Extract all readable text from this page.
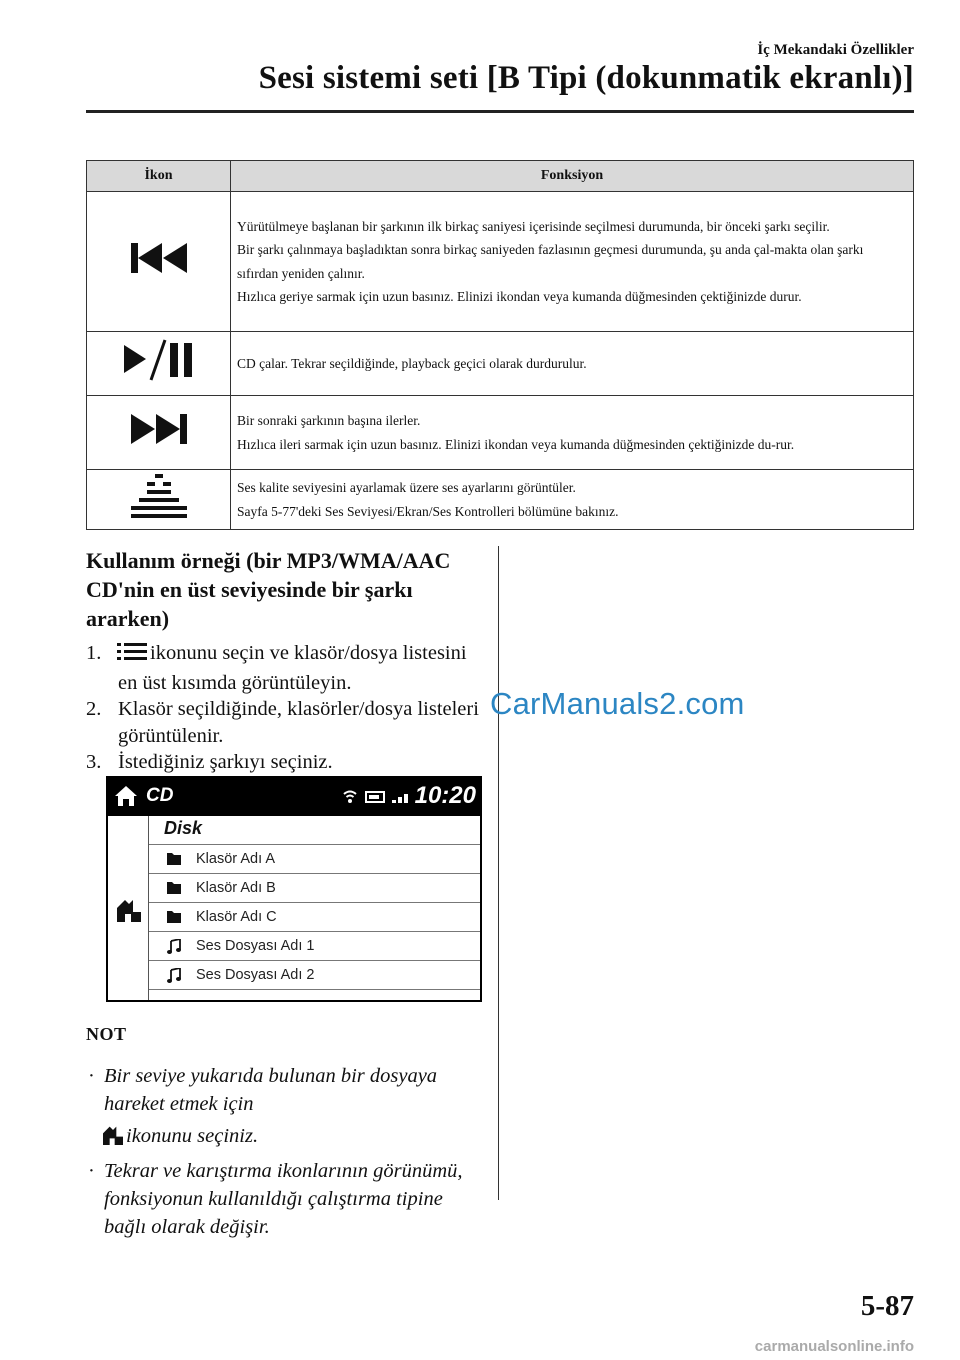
İç Mekandaki Özellikler
Sesi sistemi seti [B Tipi (dokunmatik ekranlı)]
İkon	Fonksiyon

Yürütülmeye başlanan bir şarkının ilk birkaç saniyesi içerisinde seçilmesi durumunda, bir önceki şarkı seçilir.
Bir şarkı çalınmaya başladıktan sonra birkaç saniyeden fazlasının geçmesi durumunda, şu anda çal-makta olan şarkı sıfırdan yeniden çalınır.
Hızlıca geriye sarmak için uzun basınız. Elinizi ikondan veya kumanda düğmesinden çektiğinizde durur.

CD çalar. Tekrar seçildiğinde, playback geçici olarak durdurulur.

Bir sonraki şarkının başına ilerler.
Hızlıca ileri sarmak için uzun basınız. Elinizi ikondan veya kumanda düğmesinden çektiğinizde du-rur.

Ses kalite seviyesini ayarlamak üzere ses ayarlarını görüntüler.
Sayfa 5-77'deki Ses Seviyesi/Ekran/Ses Kontrolleri bölümüne bakınız.
Kullanım örneği (bir MP3/WMA/AAC CD'nin en üst seviyesinde bir şarkı ararken)
1. ikonunu seçin ve klasör/dosya listesini en üst kısımda görüntüleyin.
2. Klasör seçildiğinde, klasörler/dosya listeleri görüntülenir.
3. İstediğiniz şarkıyı seçiniz.
CarManuals2.com
CD	10:20
Disk
Klasör Adı A
Klasör Adı B
Klasör Adı C
Ses Dosyası Adı 1
Ses Dosyası Adı 2
NOT
· Bir seviye yukarıda bulunan bir dosyaya hareket etmek için
ikonunu seçiniz.
· Tekrar ve karıştırma ikonlarının görünümü, fonksiyonun kullanıldığı çalıştırma tipine bağlı olarak değişir.
5-87
carmanualsonline.info
